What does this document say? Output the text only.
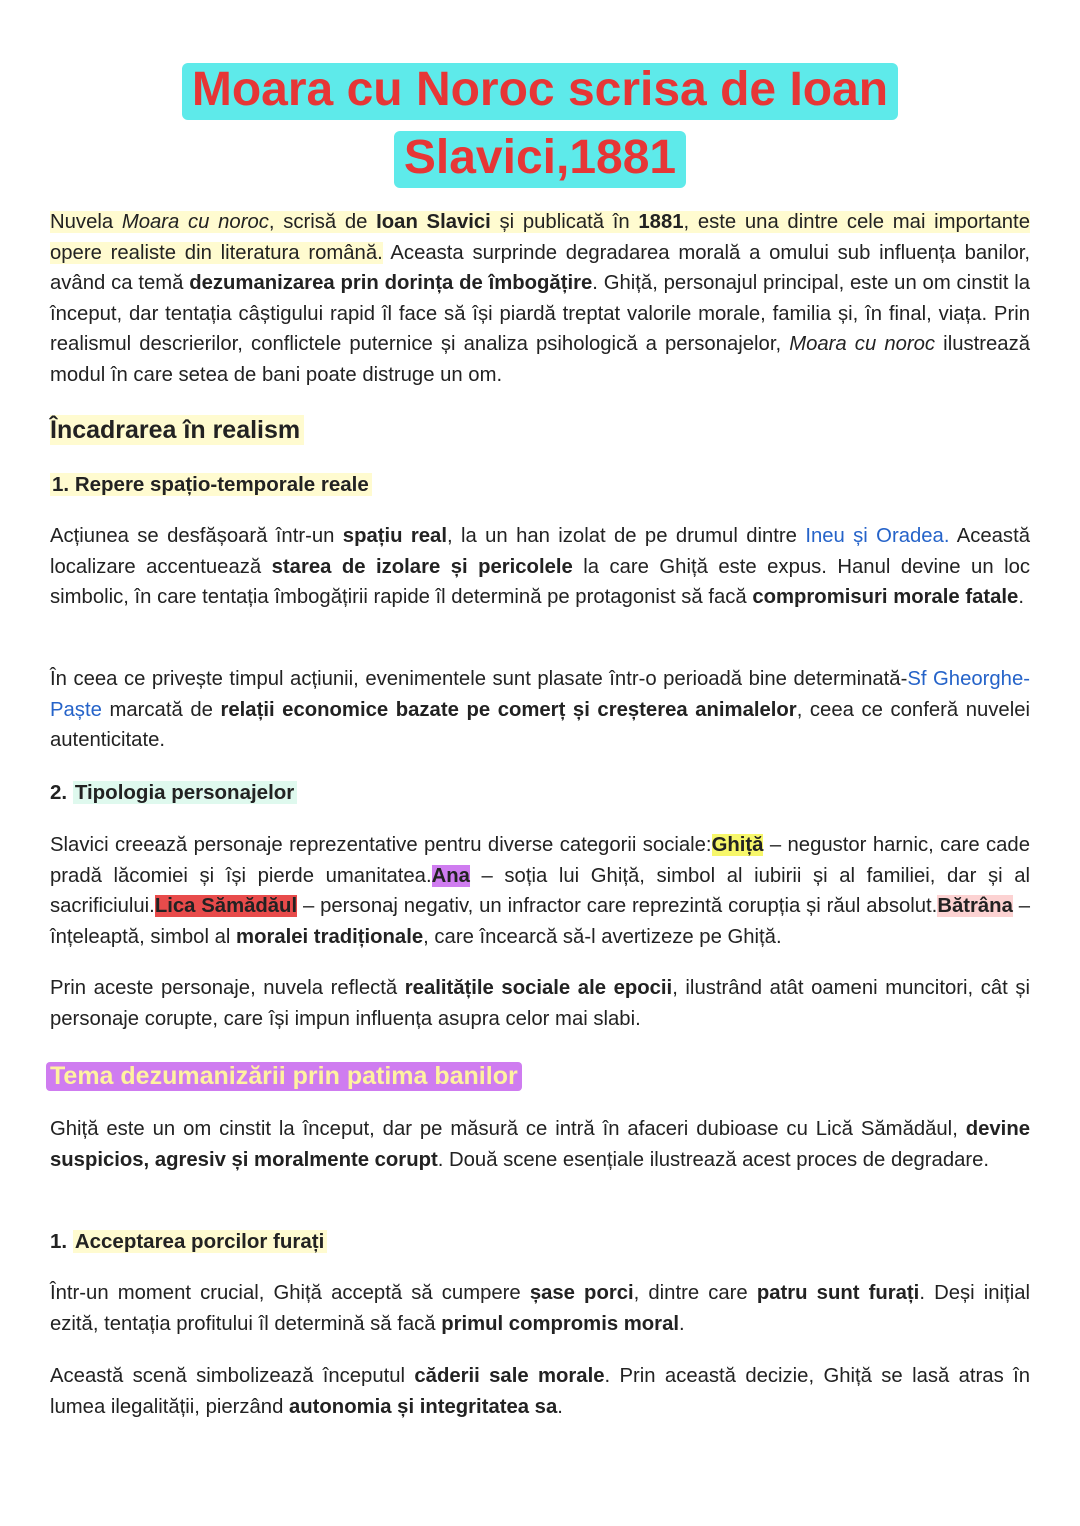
Moara cu Noroc scrisa de Ioan
Slavici,1881

Nuvela Moara cu noroc, scrisă de Ioan Slavici și publicată în 1881, este una dintre cele mai importante opere realiste din literatura română. Aceasta surprinde degradarea morală a omului sub influența banilor, având ca temă dezumanizarea prin dorința de îmbogățire. Ghiță, personajul principal, este un om cinstit la început, dar tentația câștigului rapid îl face să își piardă treptat valorile morale, familia și, în final, viața. Prin realismul descrierilor, conflictele puternice și analiza psihologică a personajelor, Moara cu noroc ilustrează modul în care setea de bani poate distruge un om.

Încadrarea în realism
1. Repere spațio-temporale reale

Acțiunea se desfășoară într-un spațiu real, la un han izolat de pe drumul dintre Ineu și Oradea. Această localizare accentuează starea de izolare și pericolele la care Ghiță este expus. Hanul devine un loc simbolic, în care tentația îmbogățirii rapide îl determină pe protagonist să facă compromisuri morale fatale.

În ceea ce privește timpul acțiunii, evenimentele sunt plasate într-o perioadă bine determinată-Sf Gheorghe-Paște marcată de relații economice bazate pe comerț și creșterea animalelor, ceea ce conferă nuvelei autenticitate.

2. Tipologia personajelor

Slavici creează personaje reprezentative pentru diverse categorii sociale:Ghiță – negustor harnic, care cade pradă lăcomiei și își pierde umanitatea.Ana – soția lui Ghiță, simbol al iubirii și al familiei, dar și al sacrificiului.Lica Sămădăul – personaj negativ, un infractor care reprezintă corupția și răul absolut.Bătrâna – înțeleaptă, simbol al moralei tradiționale, care încearcă să-l avertizeze pe Ghiță.

Prin aceste personaje, nuvela reflectă realitățile sociale ale epocii, ilustrând atât oameni muncitori, cât și personaje corupte, care își impun influența asupra celor mai slabi.

Tema dezumanizării prin patima banilor

Ghiță este un om cinstit la început, dar pe măsură ce intră în afaceri dubioase cu Lică Sămădăul, devine suspicios, agresiv și moralmente corupt. Două scene esențiale ilustrează acest proces de degradare.

1. Acceptarea porcilor furați

Într-un moment crucial, Ghiță acceptă să cumpere șase porci, dintre care patru sunt furați. Deși inițial ezită, tentația profitului îl determină să facă primul compromis moral.

Această scenă simbolizează începutul căderii sale morale. Prin această decizie, Ghiță se lasă atras în lumea ilegalității, pierzând autonomia și integritatea sa.
